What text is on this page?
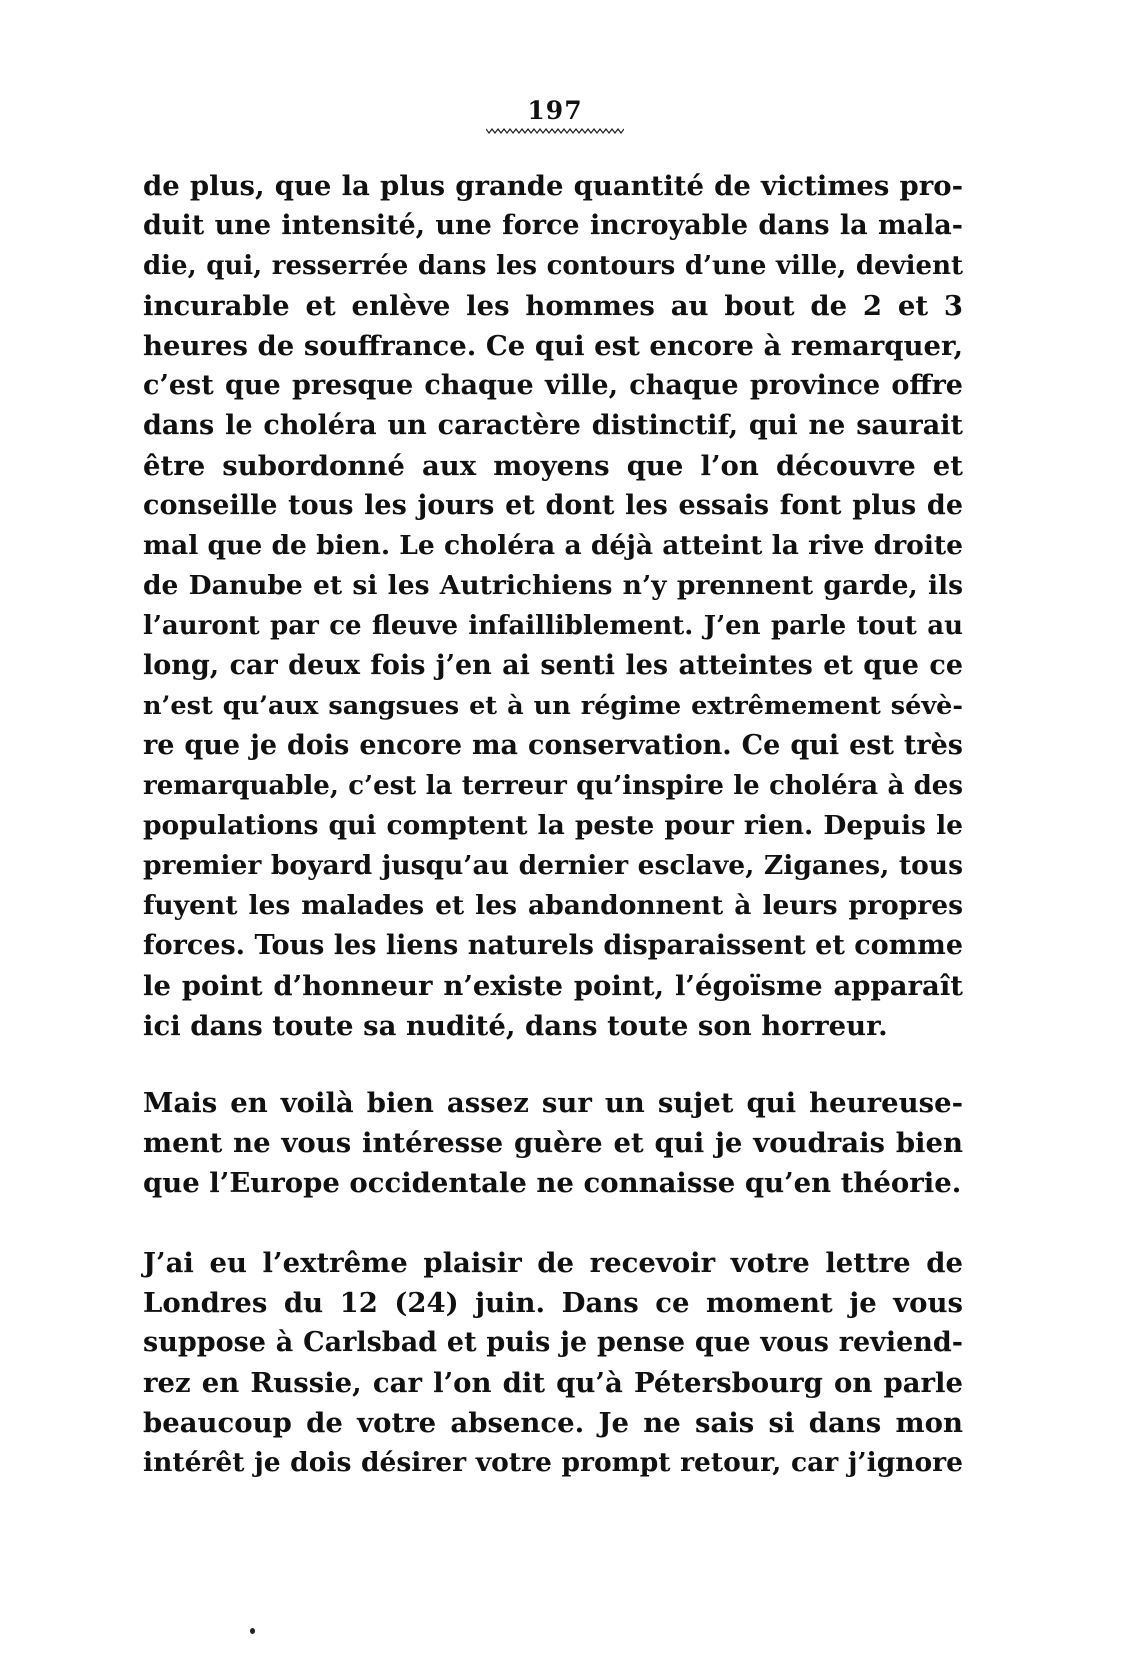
197
de plus, que la plus grande quantité de victimes pro-
duit une intensité, une force incroyable dans la mala-
die, qui, resserrée dans les contours d’une ville, devient
incurable et enlève les hommes au bout de 2 et 3
heures de souffrance. Ce qui est encore à remarquer,
c’est que presque chaque ville, chaque province offre
dans le choléra un caractère distinctif, qui ne saurait
être subordonné aux moyens que l’on découvre et
conseille tous les jours et dont les essais font plus de
mal que de bien. Le choléra a déjà atteint la rive droite
de Danube et si les Autrichiens n’y prennent garde, ils
l’auront par ce fleuve infailliblement. J’en parle tout au
long, car deux fois j’en ai senti les atteintes et que ce
n’est qu’aux sangsues et à un régime extrêmement sévè-
re que je dois encore ma conservation. Ce qui est très
remarquable, c’est la terreur qu’inspire le choléra à des
populations qui comptent la peste pour rien. Depuis le
premier boyard jusqu’au dernier esclave, Ziganes, tous
fuyent les malades et les abandonnent à leurs propres
forces. Tous les liens naturels disparaissent et comme
le point d’honneur n’existe point, l’égoïsme apparaît
ici dans toute sa nudité, dans toute son horreur.
Mais en voilà bien assez sur un sujet qui heureuse-
ment ne vous intéresse guère et qui je voudrais bien
que l’Europe occidentale ne connaisse qu’en théorie.
J’ai eu l’extrême plaisir de recevoir votre lettre de
Londres du 12 (24) juin. Dans ce moment je vous
suppose à Carlsbad et puis je pense que vous reviend-
rez en Russie, car l’on dit qu’à Pétersbourg on parle
beaucoup de votre absence. Je ne sais si dans mon
intérêt je dois désirer votre prompt retour, car j’ignore
